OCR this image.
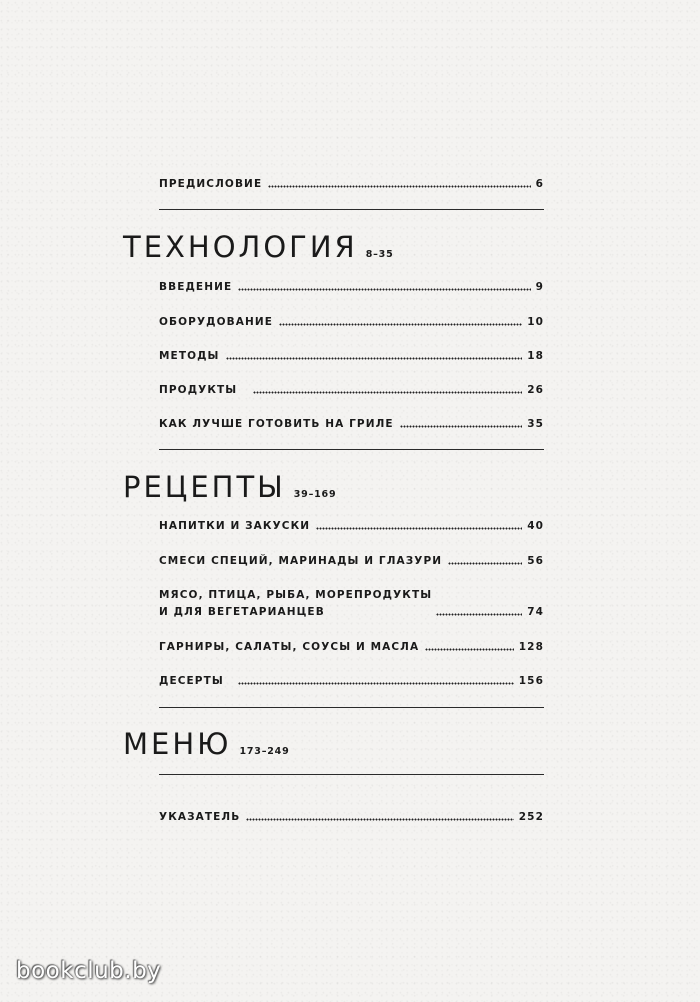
ПРЕДИСЛОВИЕ	6
ТЕХНОЛОГИЯ 8–35
ВВЕДЕНИЕ	9
ОБОРУДОВАНИЕ	10
МЕТОДЫ	18
ПРОДУКТЫ	26
КАК ЛУЧШЕ ГОТОВИТЬ НА ГРИЛЕ	35
РЕЦЕПТЫ 39–169
НАПИТКИ И ЗАКУСКИ	40
СМЕСИ СПЕЦИЙ, МАРИНАДЫ И ГЛАЗУРИ	56
МЯСО, ПТИЦА, РЫБА, МОРЕПРОДУКТЫ
И ДЛЯ ВЕГЕТАРИАНЦЕВ	74
ГАРНИРЫ, САЛАТЫ, СОУСЫ И МАСЛА	128
ДЕСЕРТЫ	156
МЕНЮ 173–249
УКАЗАТЕЛЬ	252
bookclub.by
